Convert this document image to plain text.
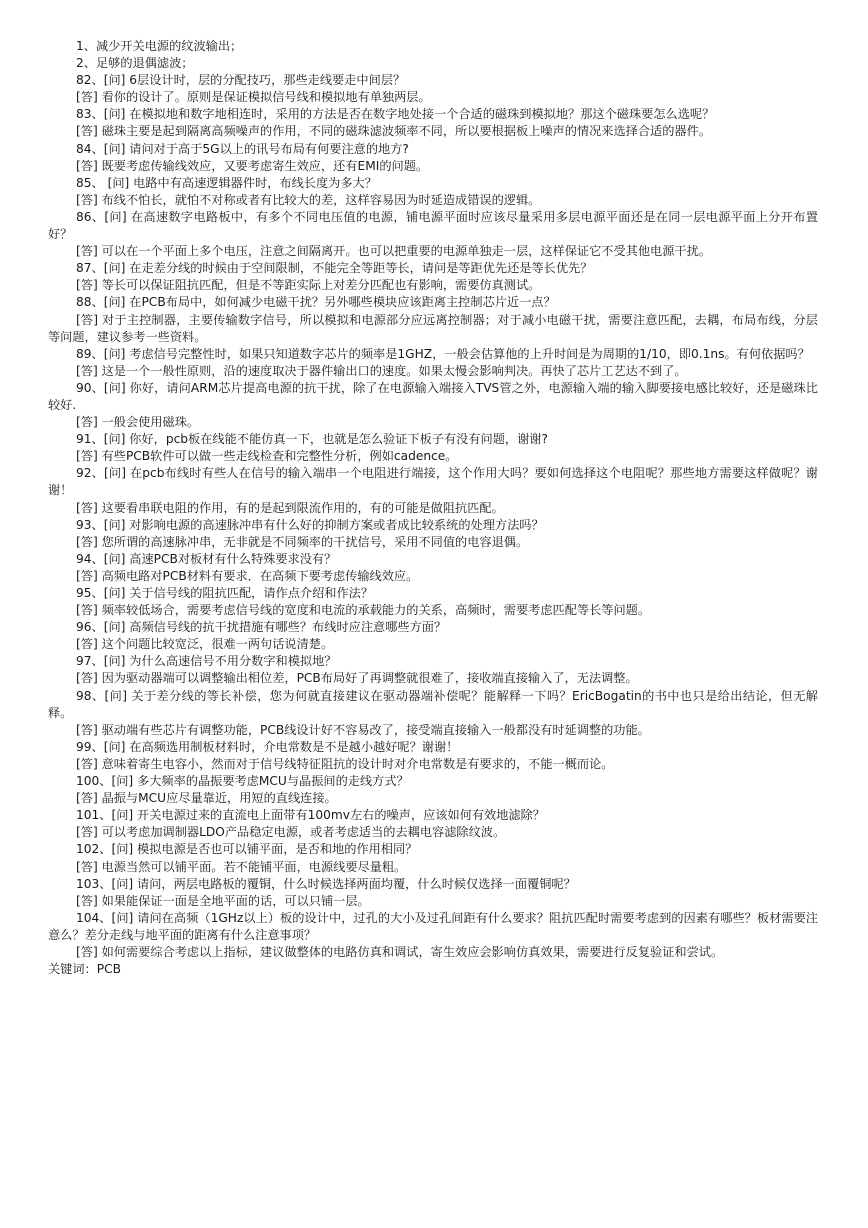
1、减少开关电源的纹波输出；

2、足够的退偶滤波；

82、[问] 6层设计时，层的分配技巧，那些走线要走中间层？

[答] 看你的设计了。原则是保证模拟信号线和模拟地有单独两层。

83、[问] 在模拟地和数字地相连时，采用的方法是否在数字地处接一个合适的磁珠到模拟地？那这个磁珠要怎么选呢？

[答] 磁珠主要是起到隔离高频噪声的作用，不同的磁珠滤波频率不同，所以要根据板上噪声的情况来选择合适的器件。

84、[问] 请问对于高于5G以上的讯号布局有何要注意的地方?

[答] 既要考虑传输线效应，又要考虑寄生效应，还有EMI的问题。

85、 [问] 电路中有高速逻辑器件时，布线长度为多大？

[答] 布线不怕长，就怕不对称或者有比较大的差，这样容易因为时延造成错误的逻辑。

86、[问] 在高速数字电路板中，有多个不同电压值的电源，铺电源平面时应该尽量采用多层电源平面还是在同一层电源平面上分开布置好？

[答] 可以在一个平面上多个电压，注意之间隔离开。也可以把重要的电源单独走一层，这样保证它不受其他电源干扰。

87、[问] 在走差分线的时候由于空间限制，不能完全等距等长，请问是等距优先还是等长优先？

[答] 等长可以保证阻抗匹配，但是不等距实际上对差分匹配也有影响，需要仿真测试。

88、[问] 在PCB布局中，如何减少电磁干扰？另外哪些模块应该距离主控制芯片近一点？

[答] 对于主控制器，主要传输数字信号，所以模拟和电源部分应远离控制器；对于减小电磁干扰，需要注意匹配，去耦，布局布线，分层等问题，建议参考一些资料。

89、[问] 考虑信号完整性时，如果只知道数字芯片的频率是1GHZ，一般会估算他的上升时间是为周期的1/10，即0.1ns。有何依据吗？

[答] 这是一个一般性原则，沿的速度取决于器件输出口的速度。如果太慢会影响判决。再快了芯片工艺达不到了。

90、[问] 你好，请问ARM芯片提高电源的抗干扰，除了在电源输入端接入TVS管之外，电源输入端的输入脚要接电感比较好，还是磁珠比较好.

[答] 一般会使用磁珠。

91、[问] 你好，pcb板在线能不能仿真一下，也就是怎么验证下板子有没有问题，谢谢?

[答] 有些PCB软件可以做一些走线检查和完整性分析，例如cadence。

92、[问] 在pcb布线时有些人在信号的输入端串一个电阻进行端接，这个作用大吗？要如何选择这个电阻呢？那些地方需要这样做呢？谢谢！

[答] 这要看串联电阻的作用，有的是起到限流作用的，有的可能是做阻抗匹配。

93、[问] 对影响电源的高速脉冲串有什么好的抑制方案或者成比较系统的处理方法吗？

[答] 您所谓的高速脉冲串，无非就是不同频率的干扰信号，采用不同值的电容退偶。

94、[问] 高速PCB对板材有什么特殊要求没有？

[答] 高频电路对PCB材料有要求．在高频下要考虑传输线效应。

95、[问] 关于信号线的阻抗匹配，请作点介绍和作法？

[答] 频率较低场合，需要考虑信号线的宽度和电流的承载能力的关系，高频时，需要考虑匹配等长等问题。

96、[问] 高频信号线的抗干扰措施有哪些？布线时应注意哪些方面？

[答] 这个问题比较宽泛，很难一两句话说清楚。

97、[问] 为什么高速信号不用分数字和模拟地？

[答] 因为驱动器端可以调整输出相位差，PCB布局好了再调整就很难了，接收端直接输入了，无法调整。

98、[问] 关于差分线的等长补偿，您为何就直接建议在驱动器端补偿呢？能解释一下吗？EricBogatin的书中也只是给出结论，但无解释。

[答] 驱动端有些芯片有调整功能，PCB线设计好不容易改了，接受端直接输入一般都没有时延调整的功能。

99、[问] 在高频选用制板材料时，介电常数是不是越小越好呢？谢谢！

[答] 意味着寄生电容小，然而对于信号线特征阻抗的设计时对介电常数是有要求的，不能一概而论。

100、[问] 多大频率的晶振要考虑MCU与晶振间的走线方式？

[答] 晶振与MCU应尽量靠近，用短的直线连接。

101、[问] 开关电源过来的直流电上面带有100mv左右的噪声，应该如何有效地滤除？

[答] 可以考虑加调制器LDO产品稳定电源，或者考虑适当的去耦电容滤除纹波。

102、[问] 模拟电源是否也可以铺平面，是否和地的作用相同？

[答] 电源当然可以铺平面。若不能铺平面，电源线要尽量粗。

103、[问] 请问，两层电路板的覆铜，什么时候选择两面均覆，什么时候仅选择一面覆铜呢？

[答] 如果能保证一面是全地平面的话，可以只铺一层。

104、[问] 请问在高频（1GHz以上）板的设计中，过孔的大小及过孔间距有什么要求？阻抗匹配时需要考虑到的因素有哪些？板材需要注意么？差分走线与地平面的距离有什么注意事项？

[答] 如何需要综合考虑以上指标，建议做整体的电路仿真和调试，寄生效应会影响仿真效果，需要进行反复验证和尝试。

关键词：PCB
